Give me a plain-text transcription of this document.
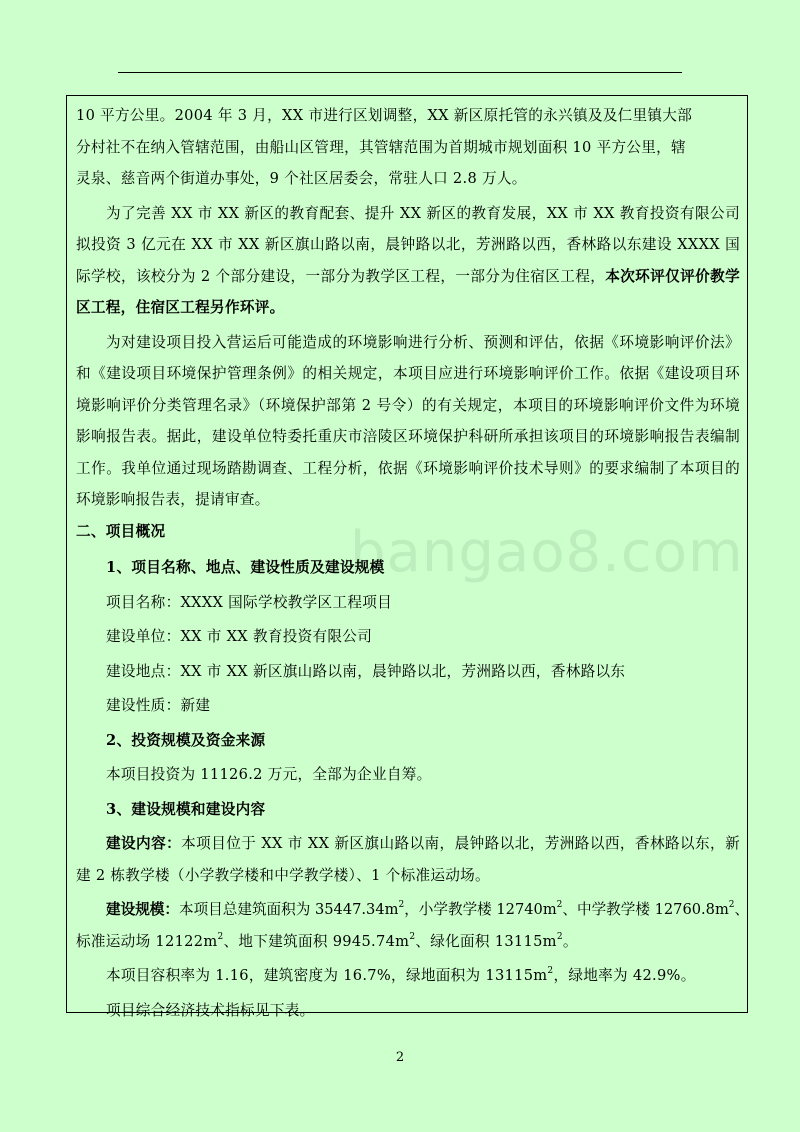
bangao8.com
10 平方公里。2004 年 3 月，XX 市进行区划调整，XX 新区原托管的永兴镇及及仁里镇大部
分村社不在纳入管辖范围，由船山区管理，其管辖范围为首期城市规划面积 10 平方公里，辖
灵泉、慈音两个街道办事处，9 个社区居委会，常驻人口 2.8 万人。

为了完善 XX 市 XX 新区的教育配套、提升 XX 新区的教育发展，XX 市 XX 教育投资有限公司拟投资 3 亿元在 XX 市 XX 新区旗山路以南，晨钟路以北，芳洲路以西，香林路以东建设 XXXX 国际学校，该校分为 2 个部分建设，一部分为教学区工程，一部分为住宿区工程，本次环评仅评价教学区工程，住宿区工程另作环评。

为对建设项目投入营运后可能造成的环境影响进行分析、预测和评估，依据《环境影响评价法》和《建设项目环境保护管理条例》的相关规定，本项目应进行环境影响评价工作。依据《建设项目环境影响评价分类管理名录》（环境保护部第 2 号令）的有关规定，本项目的环境影响评价文件为环境影响报告表。据此，建设单位特委托重庆市涪陵区环境保护科研所承担该项目的环境影响报告表编制工作。我单位通过现场踏勘调查、工程分析，依据《环境影响评价技术导则》的要求编制了本项目的环境影响报告表，提请审查。

二、项目概况

1、项目名称、地点、建设性质及建设规模

项目名称：XXXX 国际学校教学区工程项目

建设单位：XX 市 XX 教育投资有限公司

建设地点：XX 市 XX 新区旗山路以南，晨钟路以北，芳洲路以西，香林路以东

建设性质：新建

2、投资规模及资金来源

本项目投资为 11126.2 万元，全部为企业自筹。

3、建设规模和建设内容

建设内容：本项目位于 XX 市 XX 新区旗山路以南，晨钟路以北，芳洲路以西，香林路以东，新建 2 栋教学楼（小学教学楼和中学教学楼）、1 个标准运动场。

建设规模：本项目总建筑面积为 $35447.34m^2$，小学教学楼 $12740m^2$、中学教学楼 $12760.8m^2$、
标准运动场 $12122m^2$、地下建筑面积 $9945.74m^2$、绿化面积 $13115m^2$。

本项目容积率为 1.16，建筑密度为 16.7%，绿地面积为 $13115m^2$，绿地率为 42.9%。

项目综合经济技术指标见下表。

2
